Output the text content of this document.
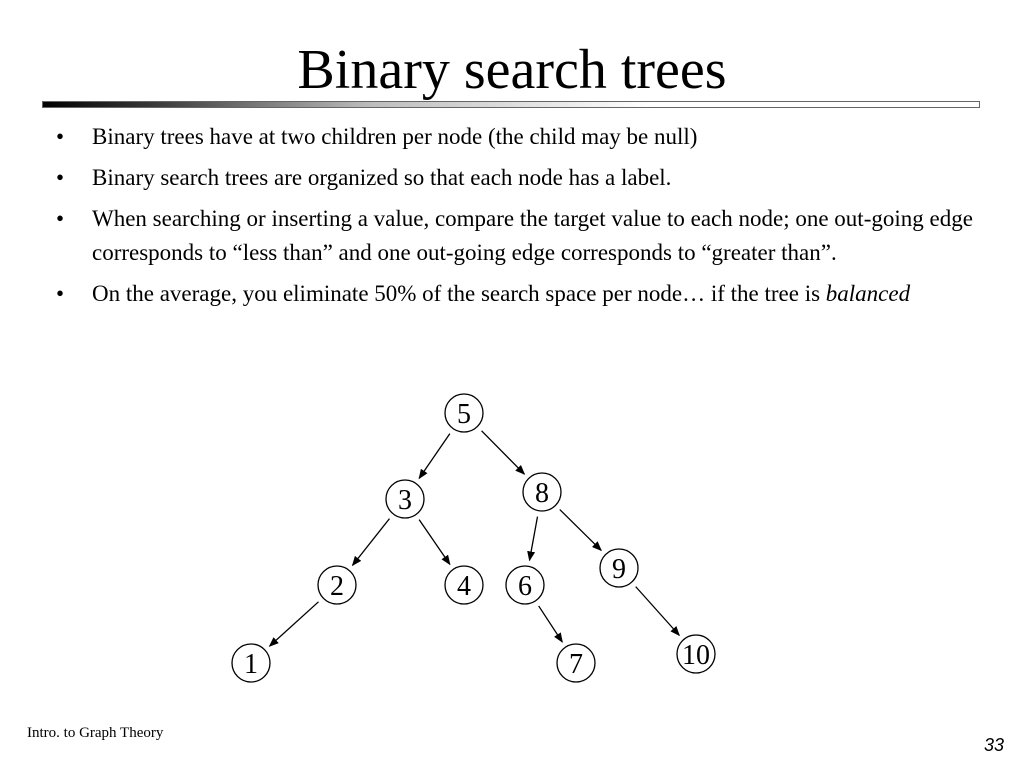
Binary search trees
• Binary trees have at two children per node (the child may be null)
• Binary search trees are organized so that each node has a label.
• When searching or inserting a value, compare the target value to each node; one out-going edge corresponds to “less than” and one out-going edge corresponds to “greater than”.
• On the average, you eliminate 50% of the search space per node… if the tree is balanced
5
3	8
2	4 6
9
1	7	10
Intro. to Graph Theory
33
